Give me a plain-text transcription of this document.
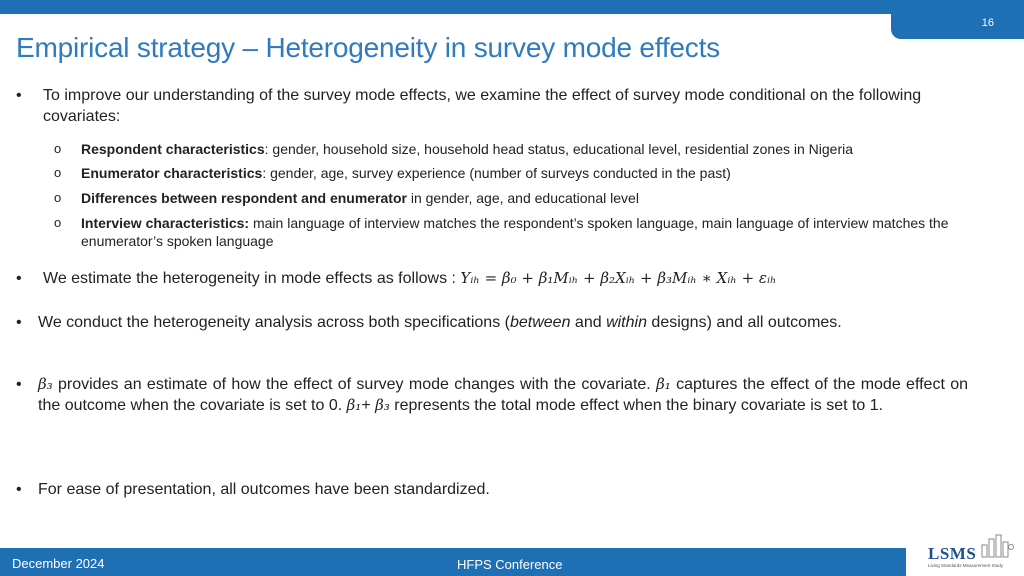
16
Empirical strategy – Heterogeneity in survey mode effects
• To improve our understanding of the survey mode effects, we examine the effect of survey mode conditional on the following covariates:
o Respondent characteristics: gender, household size, household head status, educational level, residential zones in Nigeria
o Enumerator characteristics: gender, age, survey experience (number of surveys conducted in the past)
o Differences between respondent and enumerator in gender, age, and educational level
o Interview characteristics: main language of interview matches the respondent’s spoken language, main language of interview matches the enumerator’s spoken language
• We estimate the heterogeneity in mode effects as follows : Yᵢₕ = β₀ + β₁Mᵢₕ + β₂Xᵢₕ + β₃Mᵢₕ ∗ Xᵢₕ + εᵢₕ
• We conduct the heterogeneity analysis across both specifications (between and within designs) and all outcomes.
• β₃ provides an estimate of how the effect of survey mode changes with the covariate. β₁ captures the effect of the mode effect on the outcome when the covariate is set to 0. β₁+ β₃ represents the total mode effect when the binary covariate is set to 1.
• For ease of presentation, all outcomes have been standardized.
December 2024	HFPS Conference
LSMS
Living Standards Measurement Study
